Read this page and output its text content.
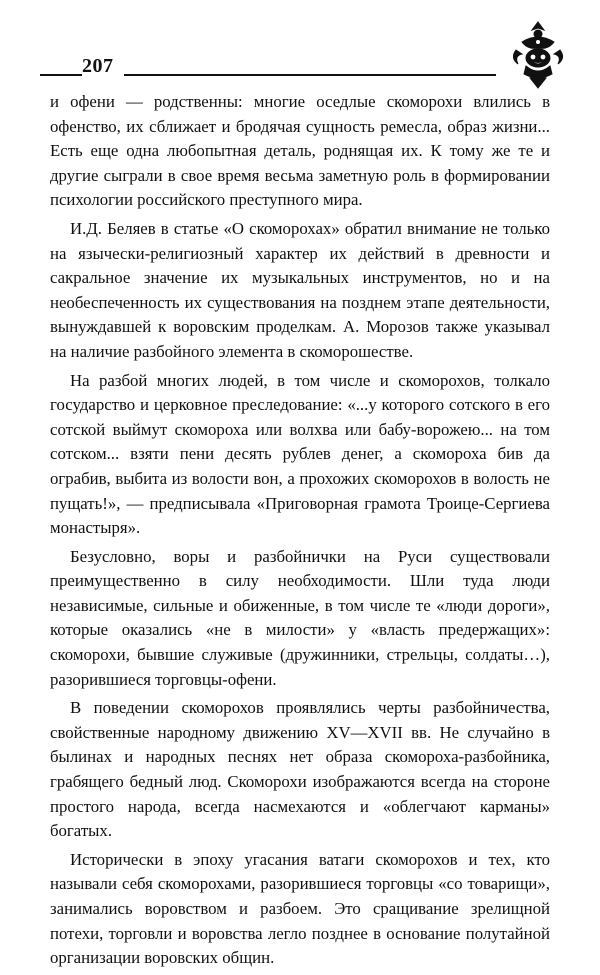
207

и офени — родственны: многие оседлые скоморохи влились в офенство, их сближает и бродячая сущность ремесла, образ жизни... Есть еще одна любопытная деталь, роднящая их. К тому же те и другие сыграли в свое время весьма заметную роль в формировании психологии российского преступного мира.

И.Д. Беляев в статье «О скоморохах» обратил внимание не только на язычески-религиозный характер их действий в древности и сакральное значение их музыкальных инструментов, но и на необеспеченность их существования на позднем этапе деятельности, вынуждавшей к воровским проделкам. А. Морозов также указывал на наличие разбойного элемента в скоморошестве.

На разбой многих людей, в том числе и скоморохов, толкало государство и церковное преследование: «...у которого сотского в его сотской выймут скомороха или волхва или бабу-ворожею... на том сотском... взяти пени десять рублев денег, а скомороха бив да ограбив, выбита из волости вон, а прохожих скоморохов в волость не пущать!», — предписывала «Приговорная грамота Троице-Сергиева монастыря».

Безусловно, воры и разбойнички на Руси существовали преимущественно в силу необходимости. Шли туда люди независимые, сильные и обиженные, в том числе те «люди дороги», которые оказались «не в милости» у «власть предержащих»: скоморохи, бывшие служивые (дружинники, стрельцы, солдаты…), разорившиеся торговцы-офени.

В поведении скоморохов проявлялись черты разбойничества, свойственные народному движению XV—XVII вв. Не случайно в былинах и народных песнях нет образа скомороха-разбойника, грабящего бедный люд. Скоморохи изображаются всегда на стороне простого народа, всегда насмехаются и «облегчают карманы» богатых.

Исторически в эпоху угасания ватаги скоморохов и тех, кто называли себя скоморохами, разорившиеся торговцы «со товарищи», занимались воровством и разбоем. Это сращивание зрелищной потехи, торговли и воровства легло позднее в основание полутайной организации воровских общин.
